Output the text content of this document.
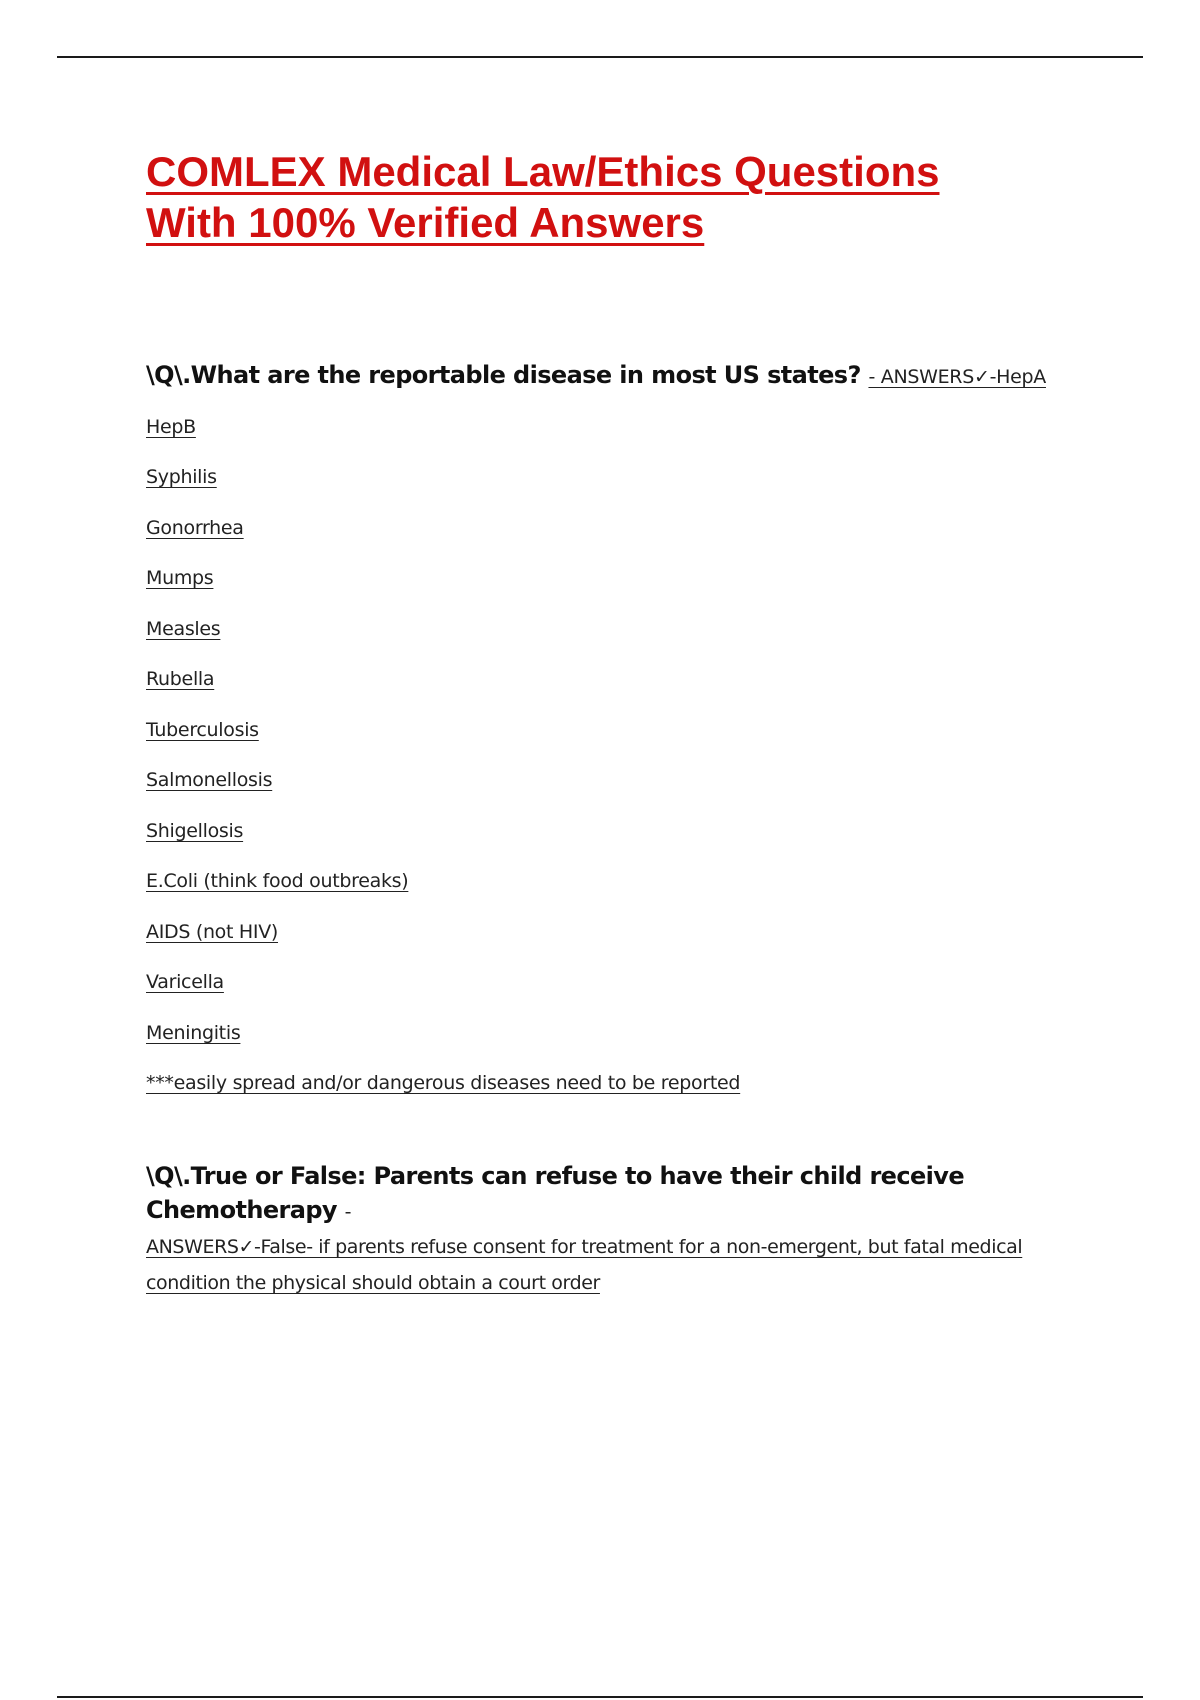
COMLEX Medical Law/Ethics Questions
With 100% Verified Answers

\Q\.What are the reportable disease in most US states? - ANSWERS✓-HepA

HepB
Syphilis
Gonorrhea
Mumps
Measles
Rubella
Tuberculosis
Salmonellosis
Shigellosis
E.Coli (think food outbreaks)
AIDS (not HIV)
Varicella
Meningitis
***easily spread and/or dangerous diseases need to be reported

\Q\.True or False: Parents can refuse to have their child receive Chemotherapy -

ANSWERS✓-False- if parents refuse consent for treatment for a non-emergent, but fatal medical condition the physical should obtain a court order
